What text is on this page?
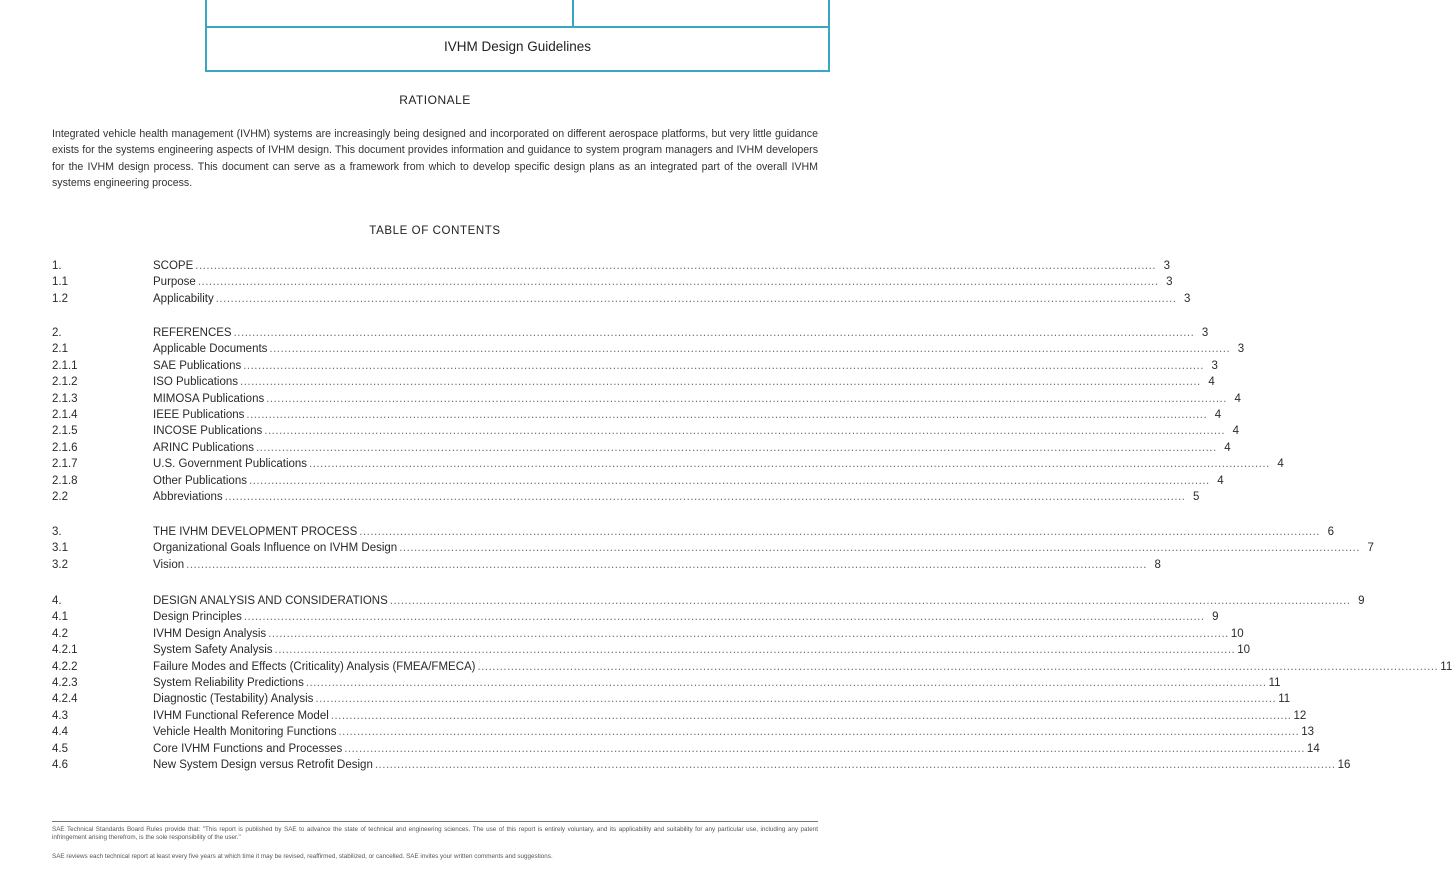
IVHM Design Guidelines
RATIONALE
Integrated vehicle health management (IVHM) systems are increasingly being designed and incorporated on different aerospace platforms, but very little guidance exists for the systems engineering aspects of IVHM design. This document provides information and guidance to system program managers and IVHM developers for the IVHM design process. This document can serve as a framework from which to develop specific design plans as an integrated part of the overall IVHM systems engineering process.
TABLE OF CONTENTS
1.	SCOPE .................................................................................................................................................................................................................................................................... 3
1.1	Purpose .................................................................................................................................................................................................................................................................... 3
1.2	Applicability .................................................................................................................................................................................................................................................................... 3
2.	REFERENCES .................................................................................................................................................................................................................................................................... 3
2.1	Applicable Documents .................................................................................................................................................................................................................................................................... 3
2.1.1	SAE Publications .................................................................................................................................................................................................................................................................... 3
2.1.2	ISO Publications .................................................................................................................................................................................................................................................................... 4
2.1.3	MIMOSA Publications .................................................................................................................................................................................................................................................................... 4
2.1.4	IEEE Publications .................................................................................................................................................................................................................................................................... 4
2.1.5	INCOSE Publications .................................................................................................................................................................................................................................................................... 4
2.1.6	ARINC Publications .................................................................................................................................................................................................................................................................... 4
2.1.7	U.S. Government Publications .................................................................................................................................................................................................................................................................... 4
2.1.8	Other Publications .................................................................................................................................................................................................................................................................... 4
2.2	Abbreviations .................................................................................................................................................................................................................................................................... 5
3.	THE IVHM DEVELOPMENT PROCESS .................................................................................................................................................................................................................................................................... 6
3.1	Organizational Goals Influence on IVHM Design .................................................................................................................................................................................................................................................................... 7
3.2	Vision .................................................................................................................................................................................................................................................................... 8
4.	DESIGN ANALYSIS AND CONSIDERATIONS .................................................................................................................................................................................................................................................................... 9
4.1	Design Principles .................................................................................................................................................................................................................................................................... 9
4.2	IVHM Design Analysis .................................................................................................................................................................................................................................................................... 10
4.2.1	System Safety Analysis .................................................................................................................................................................................................................................................................... 10
4.2.2	Failure Modes and Effects (Criticality) Analysis (FMEA/FMECA) .................................................................................................................................................................................................................................................................... 11
4.2.3	System Reliability Predictions .................................................................................................................................................................................................................................................................... 11
4.2.4	Diagnostic (Testability) Analysis .................................................................................................................................................................................................................................................................... 11
4.3	IVHM Functional Reference Model .................................................................................................................................................................................................................................................................... 12
4.4	Vehicle Health Monitoring Functions .................................................................................................................................................................................................................................................................... 13
4.5	Core IVHM Functions and Processes .................................................................................................................................................................................................................................................................... 14
4.6	New System Design versus Retrofit Design .................................................................................................................................................................................................................................................................... 16
SAE Technical Standards Board Rules provide that: "This report is published by SAE to advance the state of technical and engineering sciences. The use of this report is entirely voluntary, and its applicability and suitability for any particular use, including any patent infringement arising therefrom, is the sole responsibility of the user."
SAE reviews each technical report at least every five years at which time it may be revised, reaffirmed, stabilized, or cancelled. SAE invites your written comments and suggestions.
